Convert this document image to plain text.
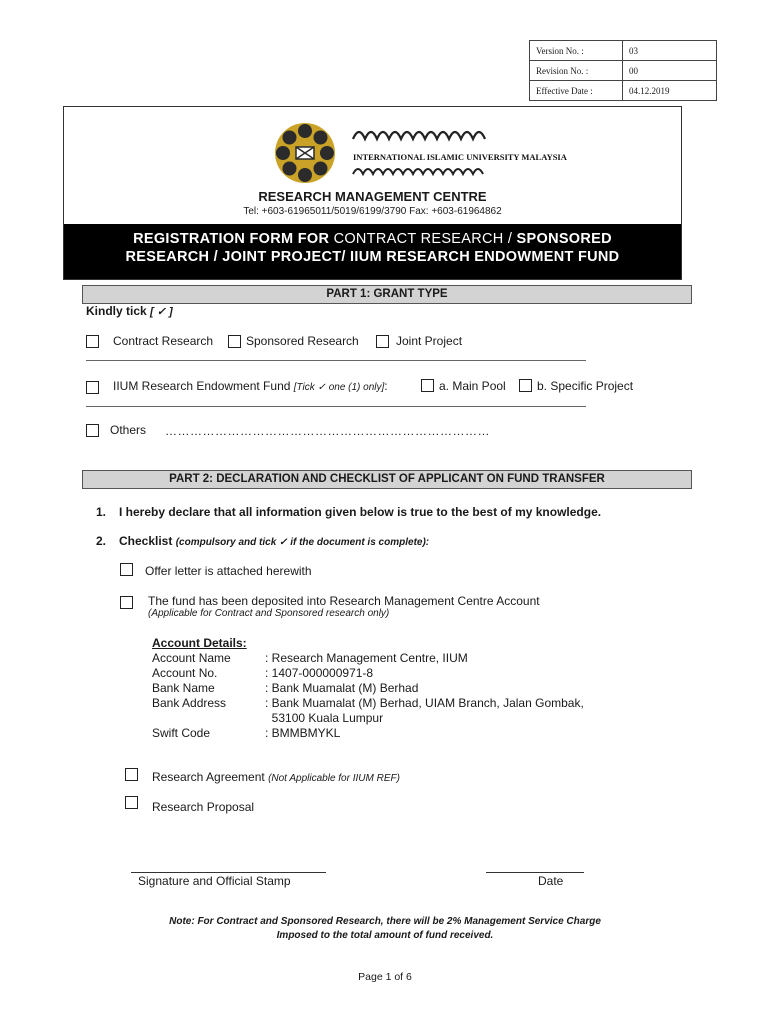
Version No. :	03
Revision No. :	00
Effective Date :	04.12.2019
INTERNATIONAL ISLAMIC UNIVERSITY MALAYSIA
RESEARCH MANAGEMENT CENTRE
Tel: +603-61965011/5019/6199/3790 Fax: +603-61964862
REGISTRATION FORM FOR CONTRACT RESEARCH / SPONSORED
RESEARCH / JOINT PROJECT/ IIUM RESEARCH ENDOWMENT FUND
PART 1: GRANT TYPE
Kindly tick [ ✓ ]
Contract Research	Sponsored Research	Joint Project
IIUM Research Endowment Fund [Tick ✓ one (1) only]:	a. Main Pool	b. Specific Project
Others ……………………………………………………………………
PART 2: DECLARATION AND CHECKLIST OF APPLICANT ON FUND TRANSFER
1. I hereby declare that all information given below is true to the best of my knowledge.
2. Checklist (compulsory and tick ✓ if the document is complete):
Offer letter is attached herewith
The fund has been deposited into Research Management Centre Account
(Applicable for Contract and Sponsored research only)
Account Details:
Account Name	: Research Management Centre, IIUM
Account No.	: 1407-000000971-8
Bank Name	: Bank Muamalat (M) Berhad
Bank Address	: Bank Muamalat (M) Berhad, UIAM Branch, Jalan Gombak,
53100 Kuala Lumpur
Swift Code	: BMMBMYKL
Research Agreement (Not Applicable for IIUM REF)
Research Proposal
Signature and Official Stamp	Date
Note: For Contract and Sponsored Research, there will be 2% Management Service Charge
Imposed to the total amount of fund received.
Page 1 of 6
